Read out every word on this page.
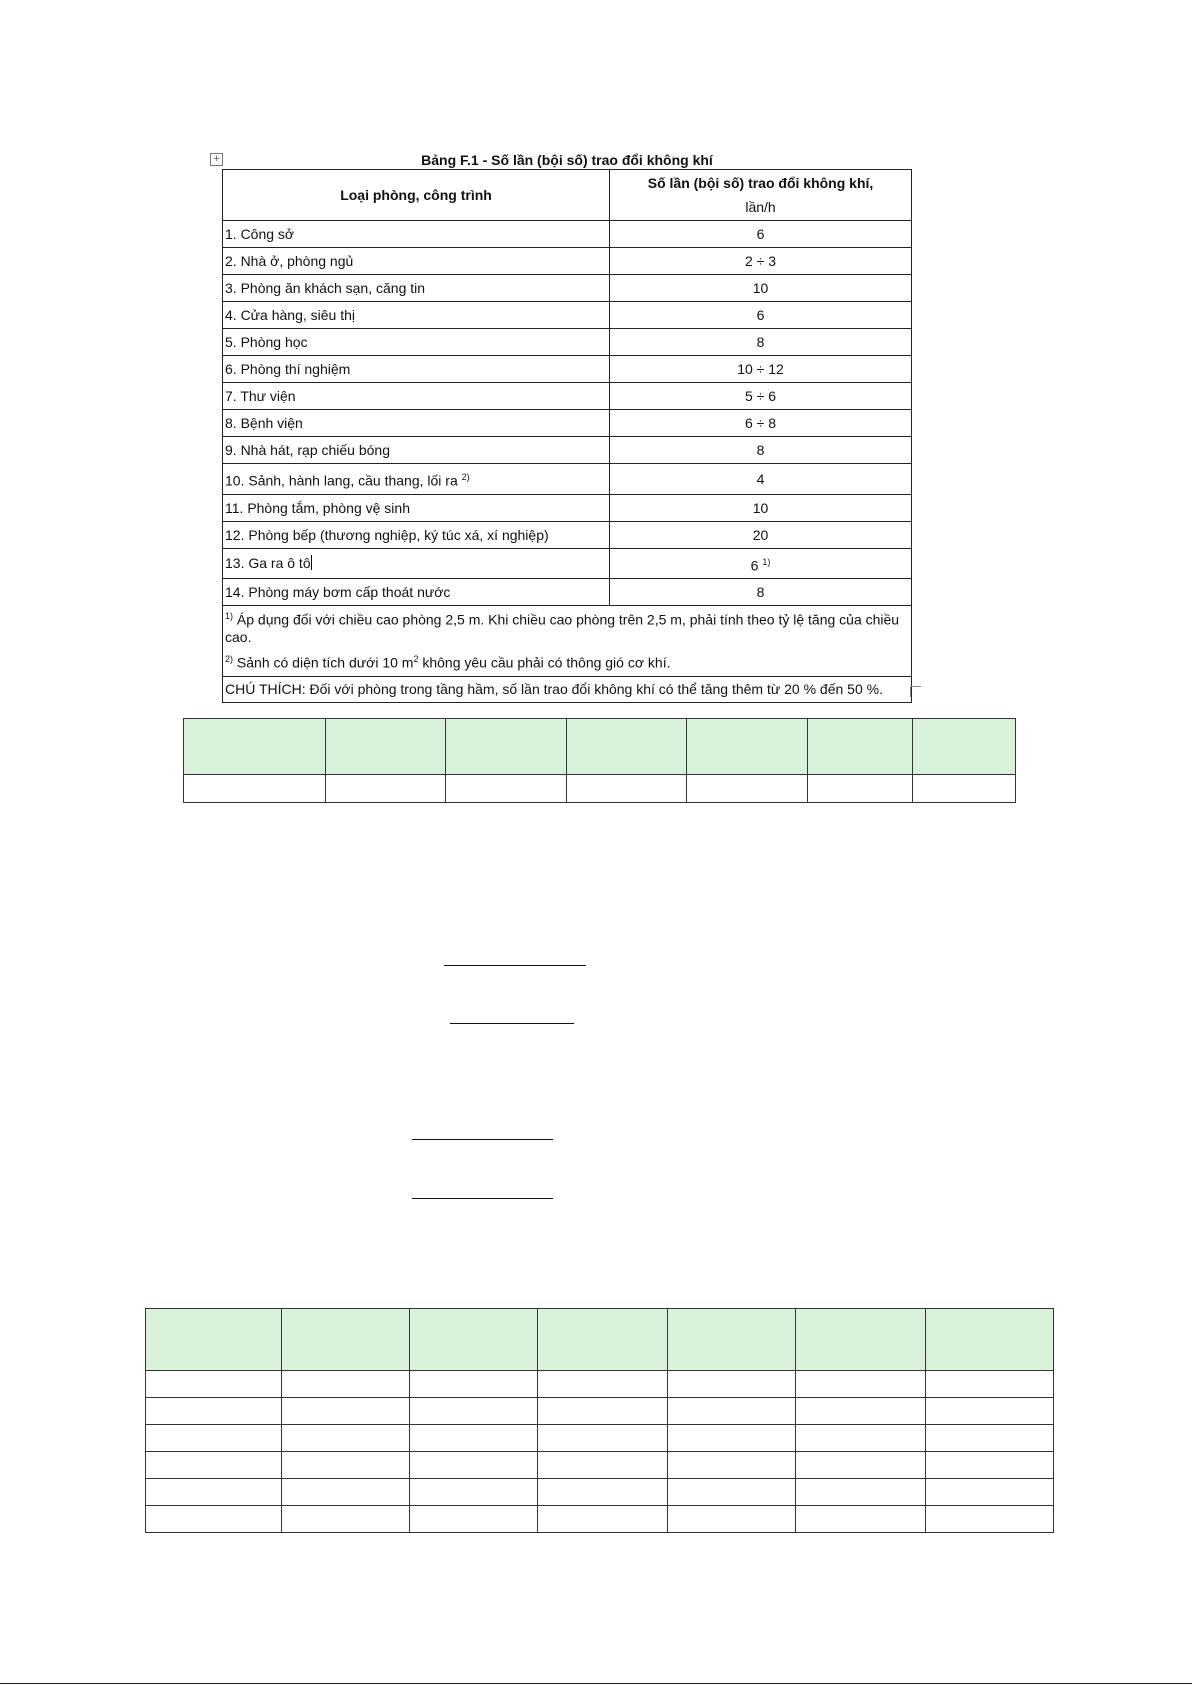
+	Bảng F.1 - Số lần (bội số) trao đổi không khí
Loại phòng, công trình	Số lần (bội số) trao đổi không khí,
lần/h
1. Công sở	6
2. Nhà ở, phòng ngủ	2 ÷ 3
3. Phòng ăn khách sạn, căng tin	10
4. Cửa hàng, siêu thị	6
5. Phòng học	8
6. Phòng thí nghiệm	10 ÷ 12
7. Thư viện	5 ÷ 6
8. Bệnh viện	6 ÷ 8
9. Nhà hát, rạp chiếu bóng	8
10. Sảnh, hành lang, cầu thang, lối ra $^{2)}$	4
11. Phòng tắm, phòng vệ sinh	10
12. Phòng bếp (thương nghiệp, ký túc xá, xí nghiệp)	20
13. Ga ra ô tô	6 $^{1)}$
14. Phòng máy bơm cấp thoát nước	8

$^{1)}$ Áp dụng đối với chiều cao phòng 2,5 m. Khi chiều cao phòng trên 2,5 m, phải tính theo tỷ lệ tăng của chiều cao.

$^{2)}$ Sảnh có diện tích dưới 10 $m^2$ không yêu cầu phải có thông gió cơ khí.	

CHÚ THÍCH: Đối với phòng trong tầng hầm, số lần trao đổi không khí có thể tăng thêm từ 20 % đến 50 %.	
